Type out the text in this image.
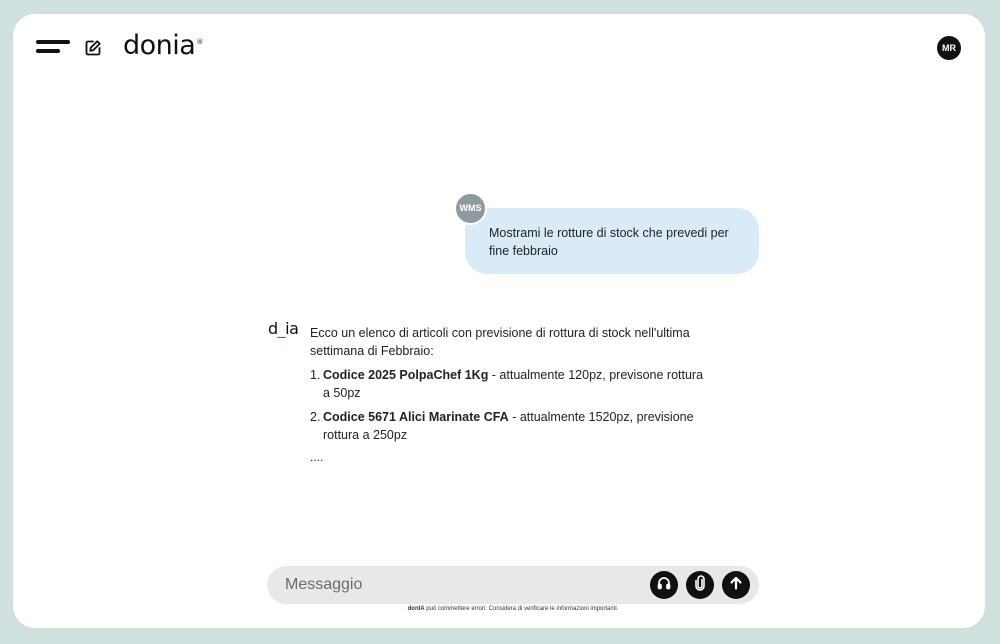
donia®
MR
Mostrami le rotture di stock che prevedi per fine febbraio
WMS
d_ia Ecco un elenco di articoli con previsione di rottura di stock nell'ultima settimana di Febbraio:

1. Codice 2025 PolpaChef 1Kg - attualmente 120pz, previsone rottura a 50pz
2. Codice 5671 Alici Marinate CFA - attualmente 1520pz, previsione rottura a 250pz

....

Messaggio
donIA può commettere errori. Considera di verificare le informazioni importanti.
